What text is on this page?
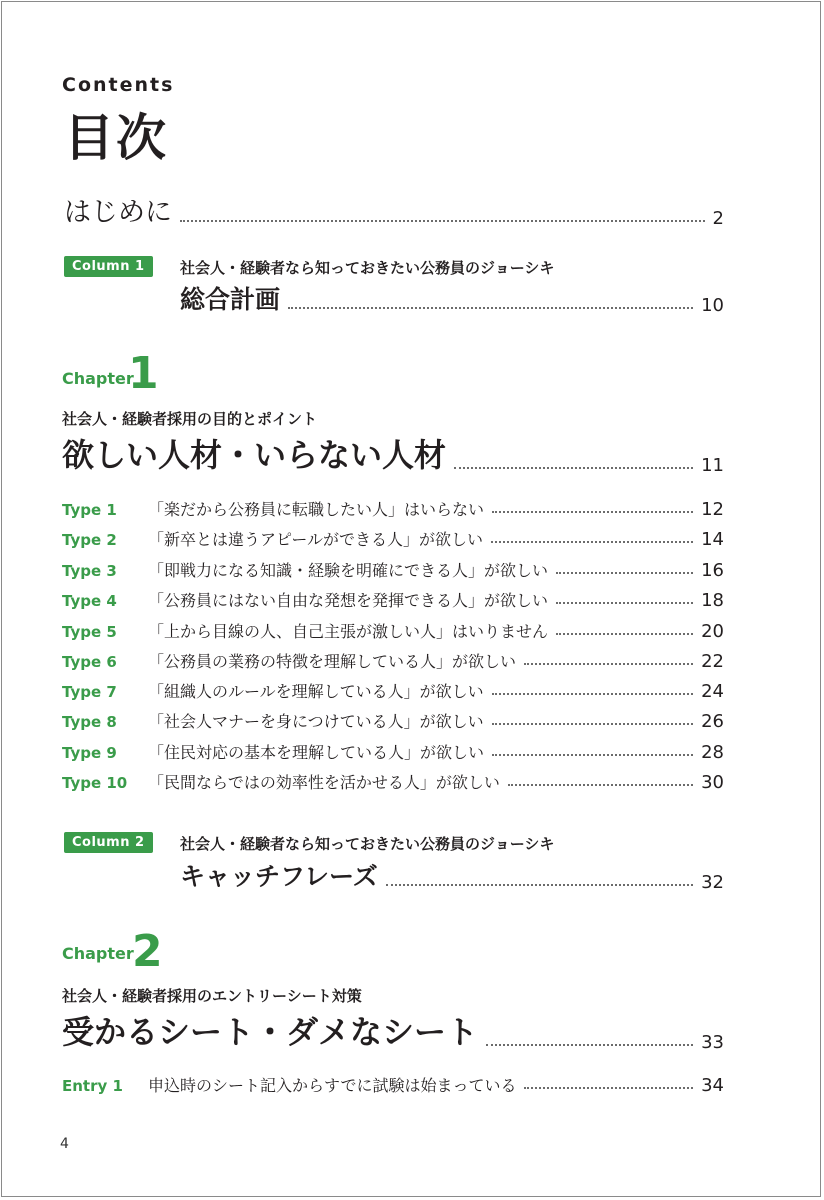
Contents
目次
はじめに	2
Column 1	社会人・経験者なら知っておきたい公務員のジョーシキ
総合計画	10
Chapter
1
社会人・経験者採用の目的とポイント
欲しい人材・いらない人材	11
Type 1 「楽だから公務員に転職したい人」はいらない	12
Type 2 「新卒とは違うアピールができる人」が欲しい	14
Type 3 「即戦力になる知識・経験を明確にできる人」が欲しい	16
Type 4 「公務員にはない自由な発想を発揮できる人」が欲しい	18
Type 5 「上から目線の人、自己主張が激しい人」はいりません	20
Type 6 「公務員の業務の特徴を理解している人」が欲しい	22
Type 7 「組織人のルールを理解している人」が欲しい	24
Type 8 「社会人マナーを身につけている人」が欲しい	26
Type 9 「住民対応の基本を理解している人」が欲しい	28
Type 10 「民間ならではの効率性を活かせる人」が欲しい	30
Column 2	社会人・経験者なら知っておきたい公務員のジョーシキ
キャッチフレーズ	32
Chapter
2
社会人・経験者採用のエントリーシート対策
受かるシート・ダメなシート	33
Entry 1 申込時のシート記入からすでに試験は始まっている	34
4
